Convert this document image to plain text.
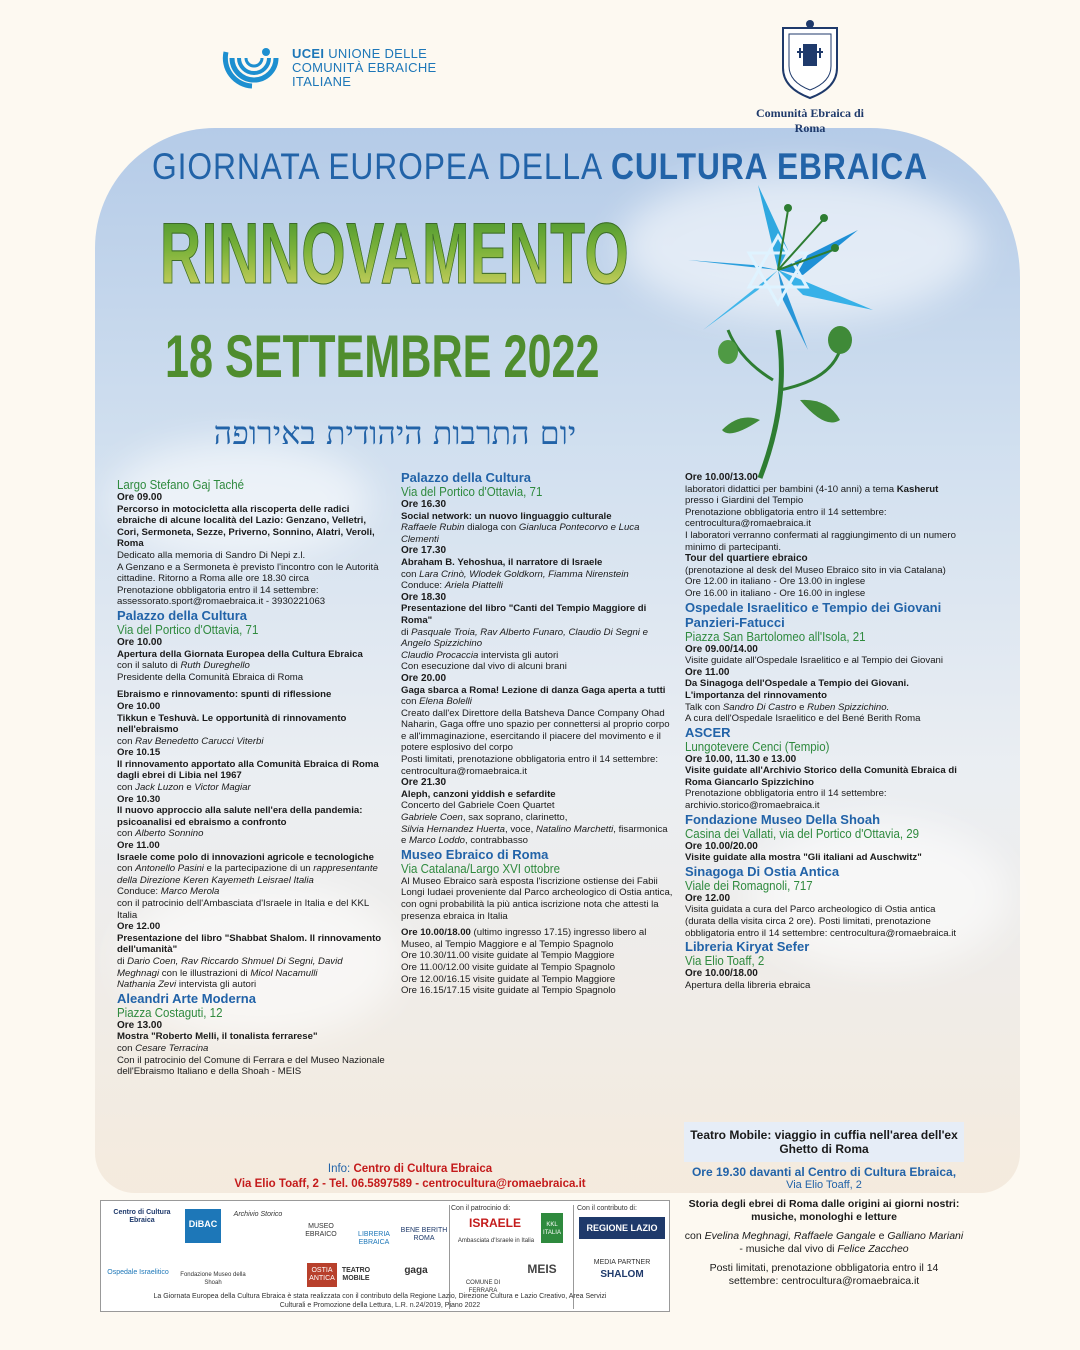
UCEI UNIONE DELLE
COMUNITÀ EBRAICHE
ITALIANE
Comunità Ebraica di Roma
GIORNATA EUROPEA DELLA CULTURA EBRAICA
RINNOVAMENTO
18 SETTEMBRE 2022
יום התרבות היהודית באירופה

Largo Stefano Gaj Taché

Ore 09.00

Percorso in motocicletta alla riscoperta delle radici ebraiche di alcune località del Lazio: Genzano, Velletri, Cori, Sermoneta, Sezze, Priverno, Sonnino, Alatri, Veroli, Roma

Dedicato alla memoria di Sandro Di Nepi z.l.

A Genzano e a Sermoneta è previsto l'incontro con le Autorità cittadine. Ritorno a Roma alle ore 18.30 circa

Prenotazione obbligatoria entro il 14 settembre:

assessorato.sport@romaebraica.it - 3930221063

Palazzo della Cultura

Via del Portico d'Ottavia, 71

Ore 10.00

Apertura della Giornata Europea della Cultura Ebraica

con il saluto di Ruth Dureghello

Presidente della Comunità Ebraica di Roma

Ebraismo e rinnovamento: spunti di riflessione

Ore 10.00

Tikkun e Teshuvà. Le opportunità di rinnovamento nell'ebraismo

con Rav Benedetto Carucci Viterbi

Ore 10.15

Il rinnovamento apportato alla Comunità Ebraica di Roma dagli ebrei di Libia nel 1967

con Jack Luzon e Victor Magiar

Ore 10.30

Il nuovo approccio alla salute nell'era della pandemia: psicoanalisi ed ebraismo a confronto

con Alberto Sonnino

Ore 11.00

Israele come polo di innovazioni agricole e tecnologiche

con Antonello Pasini e la partecipazione di un rappresentante della Direzione Keren Kayemeth Leisrael Italia

Conduce: Marco Merola

con il patrocinio dell'Ambasciata d'Israele in Italia e del KKL Italia

Ore 12.00

Presentazione del libro "Shabbat Shalom. Il rinnovamento dell'umanità"

di Dario Coen, Rav Riccardo Shmuel Di Segni, David Meghnagi con le illustrazioni di Micol Nacamulli

Nathania Zevi intervista gli autori

Aleandri Arte Moderna

Piazza Costaguti, 12

Ore 13.00

Mostra "Roberto Melli, il tonalista ferrarese"

con Cesare Terracina

Con il patrocinio del Comune di Ferrara e del Museo Nazionale dell'Ebraismo Italiano e della Shoah - MEIS

Palazzo della Cultura

Via del Portico d'Ottavia, 71

Ore 16.30

Social network: un nuovo linguaggio culturale

Raffaele Rubin dialoga con Gianluca Pontecorvo e Luca Clementi

Ore 17.30

Abraham B. Yehoshua, il narratore di Israele

con Lara Crinò, Wlodek Goldkorn, Fiamma Nirenstein

Conduce: Ariela Piattelli

Ore 18.30

Presentazione del libro "Canti del Tempio Maggiore di Roma"

di Pasquale Troia, Rav Alberto Funaro, Claudio Di Segni e Angelo Spizzichino

Claudio Procaccia intervista gli autori

Con esecuzione dal vivo di alcuni brani

Ore 20.00

Gaga sbarca a Roma! Lezione di danza Gaga aperta a tutti

con Elena Bolelli

Creato dall'ex Direttore della Batsheva Dance Company Ohad Naharin, Gaga offre uno spazio per connettersi al proprio corpo e all'immaginazione, esercitando il piacere del movimento e il potere esplosivo del corpo

Posti limitati, prenotazione obbligatoria entro il 14 settembre: centrocultura@romaebraica.it

Ore 21.30

Aleph, canzoni yiddish e sefardite

Concerto del Gabriele Coen Quartet

Gabriele Coen, sax soprano, clarinetto,

Silvia Hernandez Huerta, voce, Natalino Marchetti, fisarmonica e Marco Loddo, contrabbasso

Museo Ebraico di Roma

Via Catalana/Largo XVI ottobre

Al Museo Ebraico sarà esposta l'iscrizione ostiense dei Fabii Longi Iudaei proveniente dal Parco archeologico di Ostia antica, con ogni probabilità la più antica iscrizione nota che attesti la presenza ebraica in Italia

Ore 10.00/18.00 (ultimo ingresso 17.15) ingresso libero al Museo, al Tempio Maggiore e al Tempio Spagnolo

Ore 10.30/11.00 visite guidate al Tempio Maggiore

Ore 11.00/12.00 visite guidate al Tempio Spagnolo

Ore 12.00/16.15 visite guidate al Tempio Maggiore

Ore 16.15/17.15 visite guidate al Tempio Spagnolo

Ore 10.00/13.00

laboratori didattici per bambini (4-10 anni) a tema Kasherut presso i Giardini del Tempio

Prenotazione obbligatoria entro il 14 settembre: centrocultura@romaebraica.it

I laboratori verranno confermati al raggiungimento di un numero minimo di partecipanti.

Tour del quartiere ebraico

(prenotazione al desk del Museo Ebraico sito in via Catalana)

Ore 12.00 in italiano - Ore 13.00 in inglese

Ore 16.00 in italiano - Ore 16.00 in inglese

Ospedale Israelitico e Tempio dei Giovani Panzieri-Fatucci

Piazza San Bartolomeo all'Isola, 21

Ore 09.00/14.00

Visite guidate all'Ospedale Israelitico e al Tempio dei Giovani

Ore 11.00

Da Sinagoga dell'Ospedale a Tempio dei Giovani. L'importanza del rinnovamento

Talk con Sandro Di Castro e Ruben Spizzichino.

A cura dell'Ospedale Israelitico e del Bené Berith Roma

ASCER

Lungotevere Cenci (Tempio)

Ore 10.00, 11.30 e 13.00

Visite guidate all'Archivio Storico della Comunità Ebraica di Roma Giancarlo Spizzichino

Prenotazione obbligatoria entro il 14 settembre: archivio.storico@romaebraica.it

Fondazione Museo Della Shoah

Casina dei Vallati, via del Portico d'Ottavia, 29

Ore 10.00/20.00

Visite guidate alla mostra "Gli italiani ad Auschwitz"

Sinagoga Di Ostia Antica

Viale dei Romagnoli, 717

Ore 12.00

Visita guidata a cura del Parco archeologico di Ostia antica (durata della visita circa 2 ore). Posti limitati, prenotazione obbligatoria entro il 14 settembre: centrocultura@romaebraica.it

Libreria Kiryat Sefer

Via Elio Toaff, 2

Ore 10.00/18.00

Apertura della libreria ebraica

Info: Centro di Cultura Ebraica
Via Elio Toaff, 2 - Tel. 06.5897589 - centrocultura@romaebraica.it
Teatro Mobile: viaggio in cuffia nell'area dell'ex Ghetto di Roma
Ore 19.30 davanti al Centro di Cultura Ebraica,
Via Elio Toaff, 2
Storia degli ebrei di Roma dalle origini ai giorni nostri: musiche, monologhi e letture
con Evelina Meghnagi, Raffaele Gangale e Galliano Mariani - musiche dal vivo di Felice Zaccheo
Posti limitati, prenotazione obbligatoria entro il 14 settembre: centrocultura@romaebraica.it
Centro di Cultura Ebraica	DiBAC
Archivio Storico
MUSEO EBRAICO	LIBRERIA EBRAICA
BENE BERITH ROMA
Ospedale Israelitico	Fondazione Museo della Shoah
OSTIA ANTICA
TEATRO MOBILE
gaga
Con il patrocinio di:
ISRAELE
Ambasciata d'Israele in Italia
KKL ITALIA
COMUNE DI FERRARA
MEIS
Con il contributo di:
REGIONE LAZIO
MEDIA PARTNER
SHALOM
La Giornata Europea della Cultura Ebraica è stata realizzata con il contributo della Regione Lazio, Direzione Cultura e Lazio Creativo, Area Servizi Culturali e Promozione della Lettura, L.R. n.24/2019, Piano 2022
